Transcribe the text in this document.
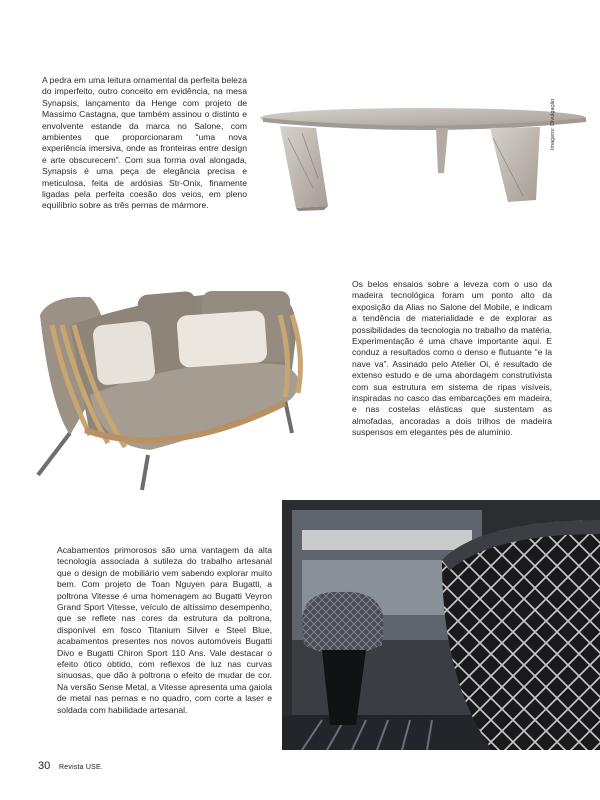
A pedra em uma leitura ornamental da perfeita beleza do imperfeito, outro conceito em evidência, na mesa Synapsis, lançamento da Henge com projeto de Massimo Castagna, que também assinou o distinto e envolvente estande da marca no Salone, com ambientes que proporcionaram “uma nova experiência imersiva, onde as fronteiras entre design e arte obscurecem”. Com sua forma oval alongada, Synapsis é uma peça de elegância precisa e meticulosa, feita de ardósias Str-Onix, finamente ligadas pela perfeita coesão dos veios, em pleno equilíbrio sobre as três pernas de mármore.

Imagens: Divulgação

Os belos ensaios sobre a leveza com o uso da madeira tecnológica foram um ponto alto da exposição da Alias no Salone del Mobile, e indicam a tendência de materialidade e de explorar as possibilidades da tecnologia no trabalho da matéria. Experimentação é uma chave importante aqui. E conduz a resultados como o denso e flutuante “e la nave va”. Assinado pelo Atelier Oi, é resultado de extenso estudo e de uma abordagem construtivista com sua estrutura em sistema de ripas visíveis, inspiradas no casco das embarcações em madeira, e nas costelas elásticas que sustentam as almofadas, ancoradas a dois trilhos de madeira suspensos em elegantes pés de alumínio.

Acabamentos primorosos são uma vantagem da alta tecnologia associada à sutileza do trabalho artesanal que o design de mobiliário vem sabendo explorar muito bem. Com projeto de Toan Nguyen para Bugatti, a poltrona Vitesse é uma homenagem ao Bugatti Veyron Grand Sport Vitesse, veículo de altíssimo desempenho, que se reflete nas cores da estrutura da poltrona, disponível em fosco Titanium Silver e Steel Blue, acabamentos presentes nos novos automóveis Bugatti Divo e Bugatti Chiron Sport 110 Ans. Vale destacar o efeito ótico obtido, com reflexos de luz nas curvas sinuosas, que dão à poltrona o efeito de mudar de cor. Na versão Sense Metal, a Vitesse apresenta uma gaiola de metal nas pernas e no quadro, com corte a laser e soldada com habilidade artesanal.

30 Revista USE.
